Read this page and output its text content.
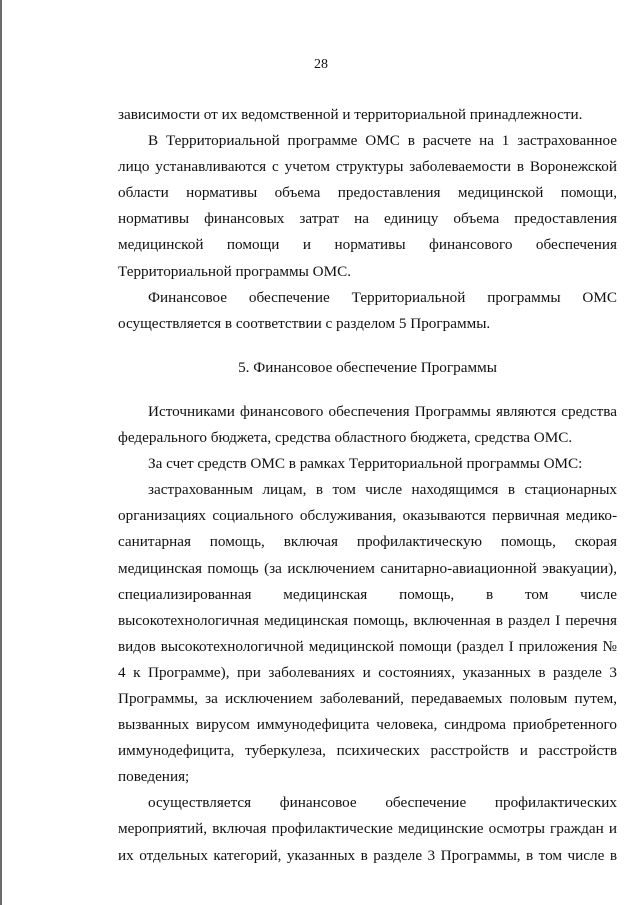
28

зависимости от их ведомственной и территориальной принадлежности.

В Территориальной программе ОМС в расчете на 1 застрахованное лицо устанавливаются с учетом структуры заболеваемости в Воронежской области нормативы объема предоставления медицинской помощи, нормативы финансовых затрат на единицу объема предоставления медицинской помощи и нормативы финансового обеспечения Территориальной программы ОМС.

Финансовое обеспечение Территориальной программы ОМС осуществляется в соответствии с разделом 5 Программы.

5. Финансовое обеспечение Программы

Источниками финансового обеспечения Программы являются средства федерального бюджета, средства областного бюджета, средства ОМС.

За счет средств ОМС в рамках Территориальной программы ОМС:

застрахованным лицам, в том числе находящимся в стационарных организациях социального обслуживания, оказываются первичная медико-санитарная помощь, включая профилактическую помощь, скорая медицинская помощь (за исключением санитарно-авиационной эвакуации), специализированная медицинская помощь, в том числе высокотехнологичная медицинская помощь, включенная в раздел I перечня видов высокотехнологичной медицинской помощи (раздел I приложения № 4 к Программе), при заболеваниях и состояниях, указанных в разделе 3 Программы, за исключением заболеваний, передаваемых половым путем, вызванных вирусом иммунодефицита человека, синдрома приобретенного иммунодефицита, туберкулеза, психических расстройств и расстройств поведения;

осуществляется финансовое обеспечение профилактических мероприятий, включая профилактические медицинские осмотры граждан и их отдельных категорий, указанных в разделе 3 Программы, в том числе в
